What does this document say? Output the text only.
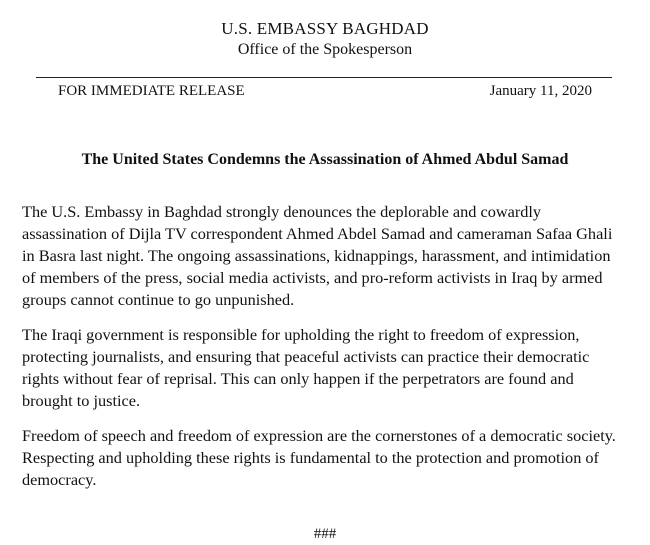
U.S. EMBASSY BAGHDAD
Office of the Spokesperson
FOR IMMEDIATE RELEASE	January 11, 2020
The United States Condemns the Assassination of Ahmed Abdul Samad

The U.S. Embassy in Baghdad strongly denounces the deplorable and cowardly assassination of Dijla TV correspondent Ahmed Abdel Samad and cameraman Safaa Ghali in Basra last night. The ongoing assassinations, kidnappings, harassment, and intimidation of members of the press, social media activists, and pro-reform activists in Iraq by armed groups cannot continue to go unpunished.

The Iraqi government is responsible for upholding the right to freedom of expression, protecting journalists, and ensuring that peaceful activists can practice their democratic rights without fear of reprisal. This can only happen if the perpetrators are found and brought to justice.

Freedom of speech and freedom of expression are the cornerstones of a democratic society. Respecting and upholding these rights is fundamental to the protection and promotion of democracy.

###
